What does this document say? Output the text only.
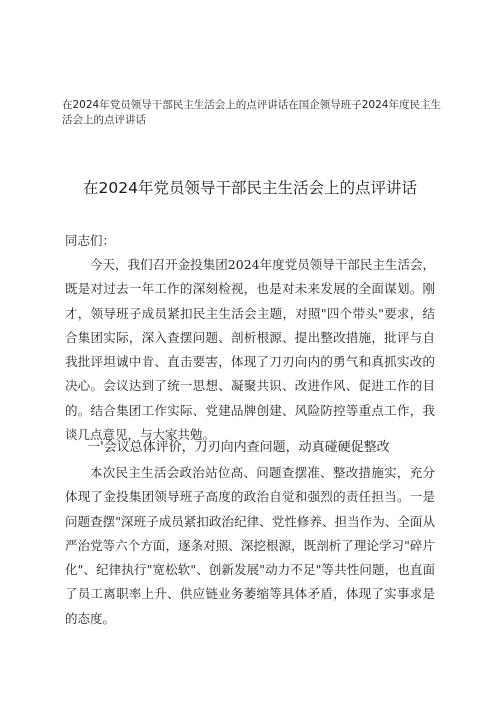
在2024年党员领导干部民主生活会上的点评讲话在国企领导班子2024年度民主生活会上的点评讲话
在2024年党员领导干部民主生活会上的点评讲话
同志们：
今天，我们召开金投集团2024年度党员领导干部民主生活会，既是对过去一年工作的深刻检视，也是对未来发展的全面谋划。刚才，领导班子成员紧扣民主生活会主题，对照"四个带头"要求，结合集团实际，深入查摆问题、剖析根源、提出整改措施，批评与自我批评坦诚中肯、直击要害，体现了刀刃向内的勇气和真抓实改的决心。会议达到了统一思想、凝聚共识、改进作风、促进工作的目的。结合集团工作实际、党建品牌创建、风险防控等重点工作，我谈几点意见，与大家共勉。
一'会议总体评价，刀刃向内查问题，动真碰硬促整改
本次民主生活会政治站位高、问题查摆准、整改措施实，充分体现了金投集团领导班子高度的政治自觉和强烈的责任担当。一是问题查摆"深班子成员紧扣政治纪律、党性修养、担当作为、全面从严治党等六个方面，逐条对照、深挖根源，既剖析了理论学习"碎片化"、纪律执行"宽松软"、创新发展"动力不足"等共性问题，也直面了员工离职率上升、供应链业务萎缩等具体矛盾，体现了实事求是的态度。
